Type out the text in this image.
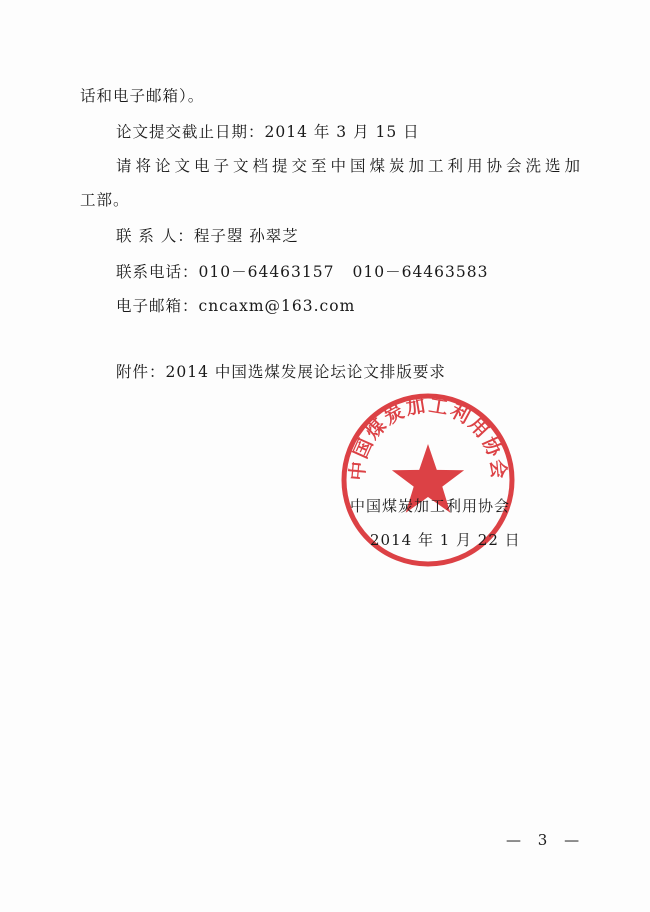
话和电子邮箱）。
论文提交截止日期：2014 年 3 月 15 日
请将论文电子文档提交至中国煤炭加工利用协会洗选加
工部。
联 系 人：程子曌 孙翠芝
联系电话：010－64463157 010－64463583
电子邮箱：cncaxm@163.com
附件：2014 中国选煤发展论坛论文排版要求
中国煤炭加工利用协会
中国煤炭加工利用协会
2014 年 1 月 22 日
— 3 —
